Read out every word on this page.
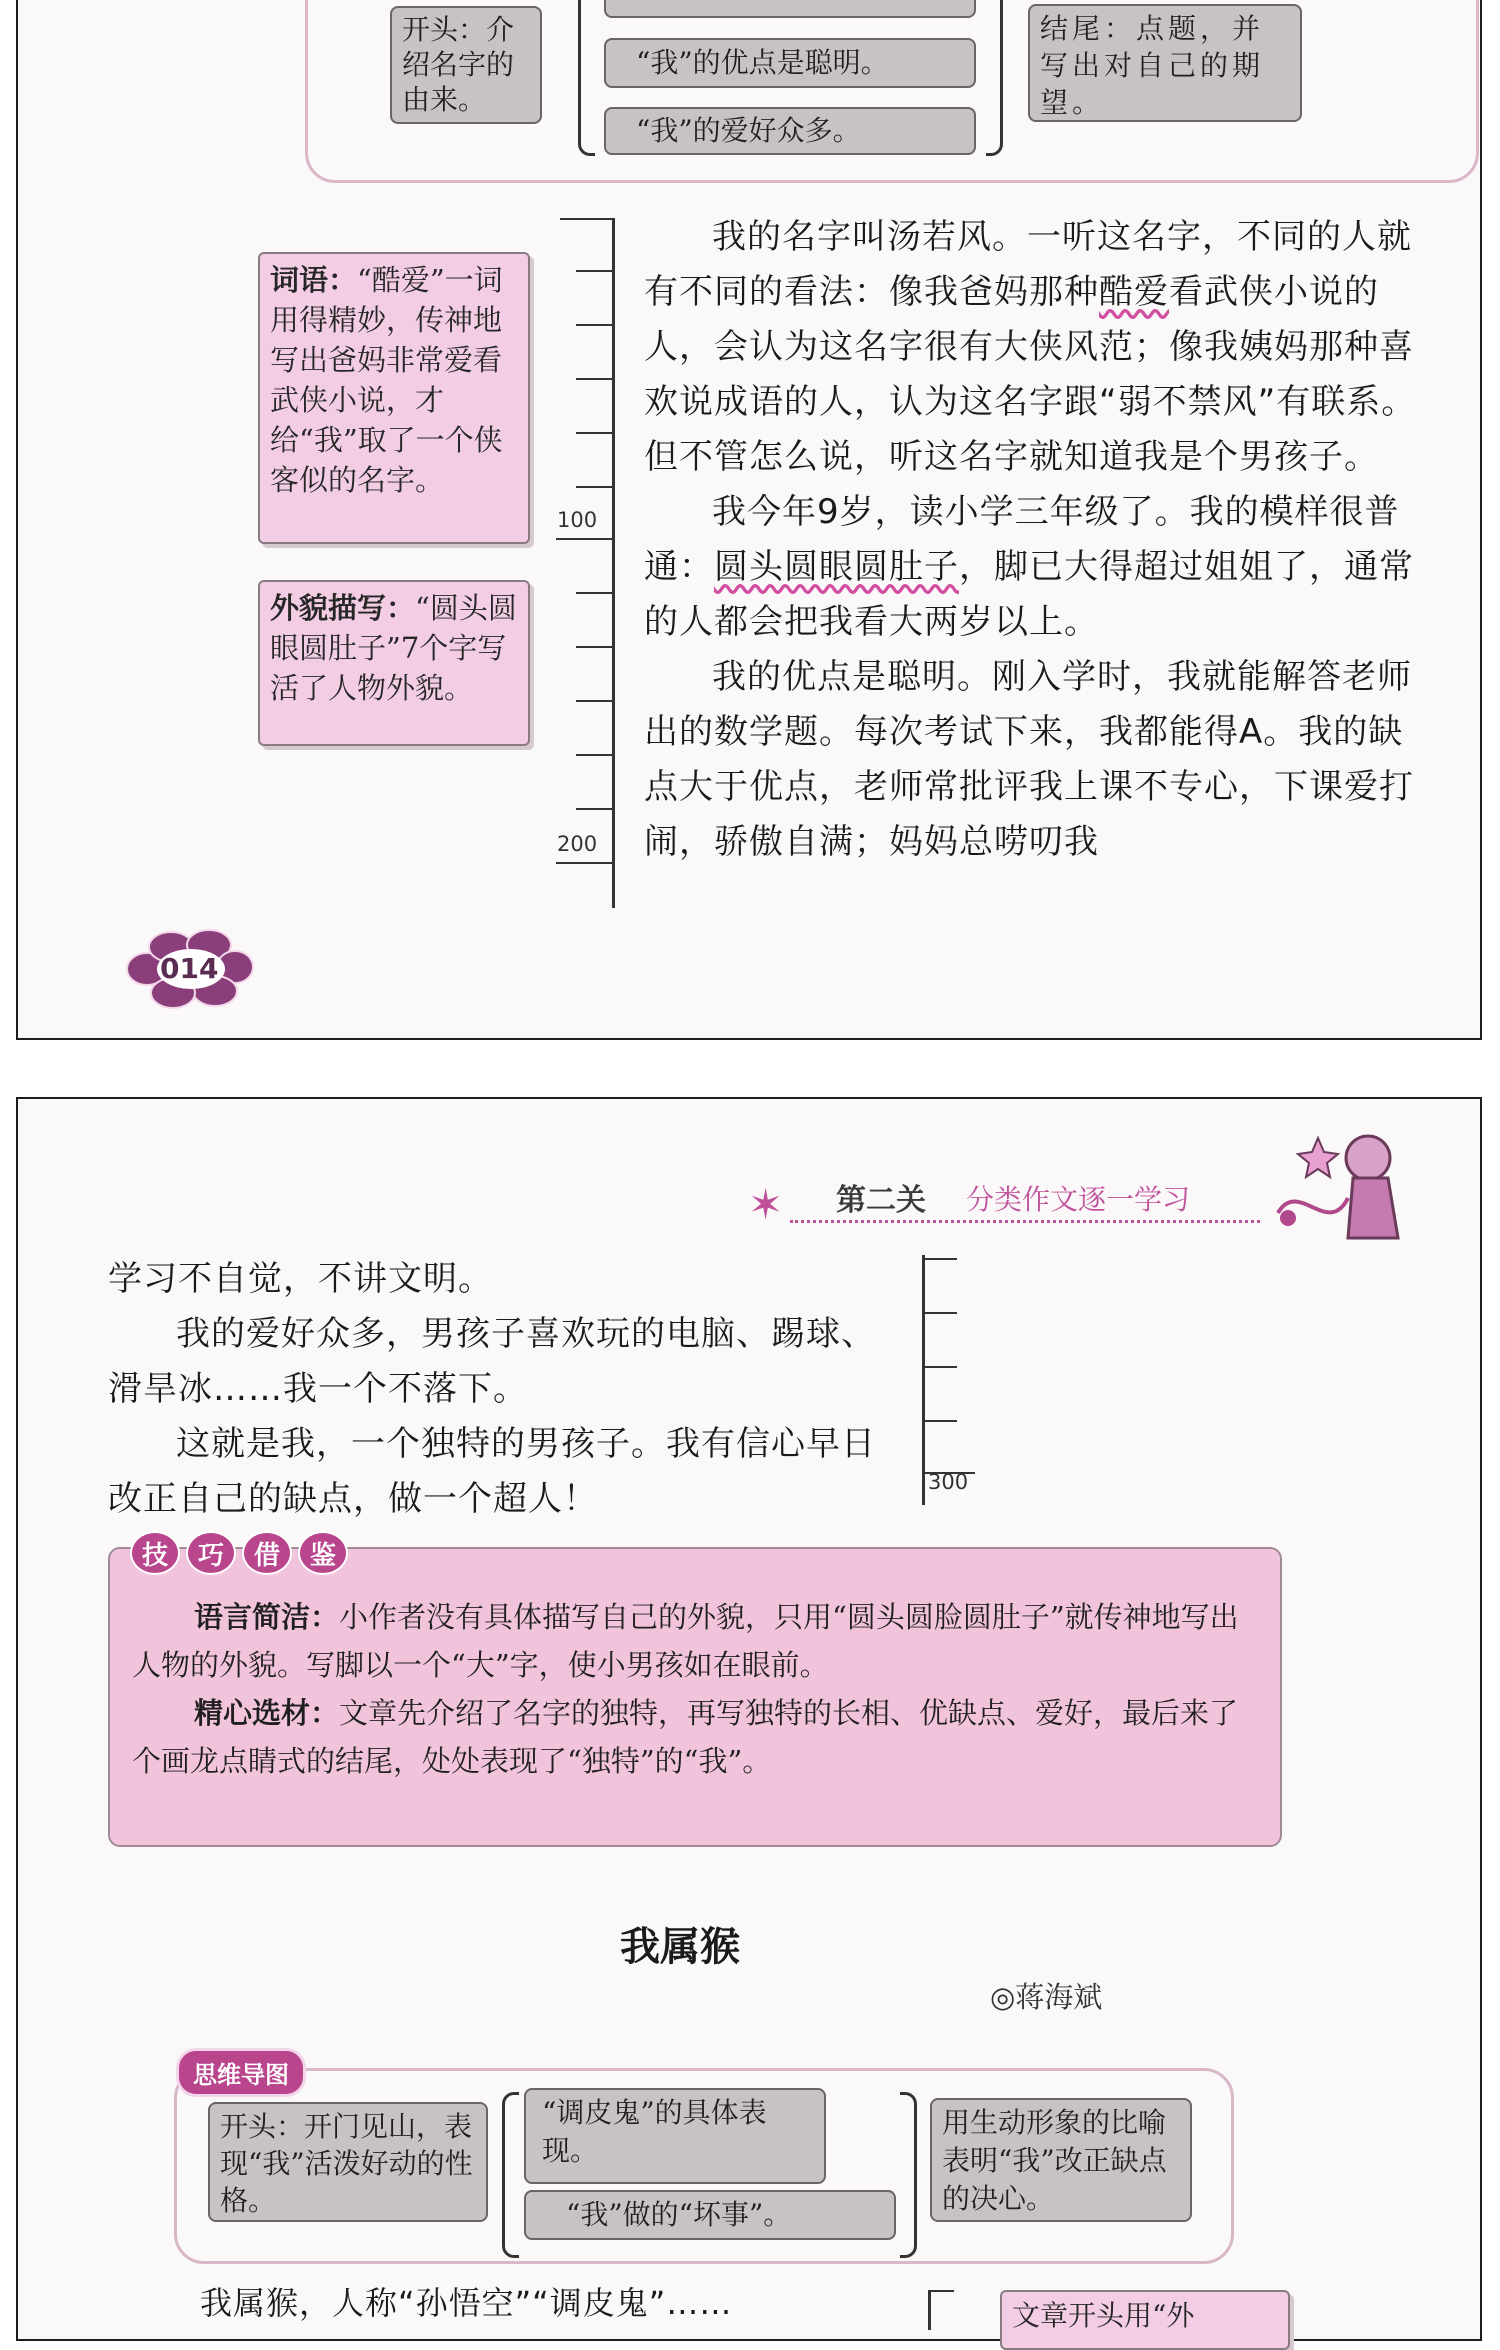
开头：介绍名字的由来。
“我”的优点是聪明。
“我”的爱好众多。
结尾：点题，并写出对自己的期望。
词语：“酷爱”一词用得精妙，传神地写出爸妈非常爱看武侠小说，才给“我”取了一个侠客似的名字。
外貌描写：“圆头圆眼圆肚子”7个字写活了人物外貌。
100
200

我的名字叫汤若风。一听这名字，不同的人就有不同的看法：像我爸妈那种酷爱看武侠小说的人，会认为这名字很有大侠风范；像我姨妈那种喜欢说成语的人，认为这名字跟“弱不禁风”有联系。但不管怎么说，听这名字就知道我是个男孩子。

我今年9岁，读小学三年级了。我的模样很普通：圆头圆眼圆肚子，脚已大得超过姐姐了，通常的人都会把我看大两岁以上。

我的优点是聪明。刚入学时，我就能解答老师出的数学题。每次考试下来，我都能得A。我的缺点大于优点，老师常批评我上课不专心，下课爱打闹，骄傲自满；妈妈总唠叨我

014
✶ 第二关 分类作文逐一学习
300

学习不自觉，不讲文明。

我的爱好众多，男孩子喜欢玩的电脑、踢球、滑旱冰……我一个不落下。

这就是我，一个独特的男孩子。我有信心早日改正自己的缺点，做一个超人！

语言简洁：小作者没有具体描写自己的外貌，只用“圆头圆脸圆肚子”就传神地写出人物的外貌。写脚以一个“大”字，使小男孩如在眼前。

精心选材：文章先介绍了名字的独特，再写独特的长相、优缺点、爱好，最后来了个画龙点睛式的结尾，处处表现了“独特”的“我”。

技	巧	借	鉴
我属猴
◎蒋海斌
思维导图
开头：开门见山，表现“我”活泼好动的性格。
“调皮鬼”的具体表现。
“我”做的“坏事”。
用生动形象的比喻表明“我”改正缺点的决心。
我属猴，人称“孙悟空”“调皮鬼”……	文章开头用“外
